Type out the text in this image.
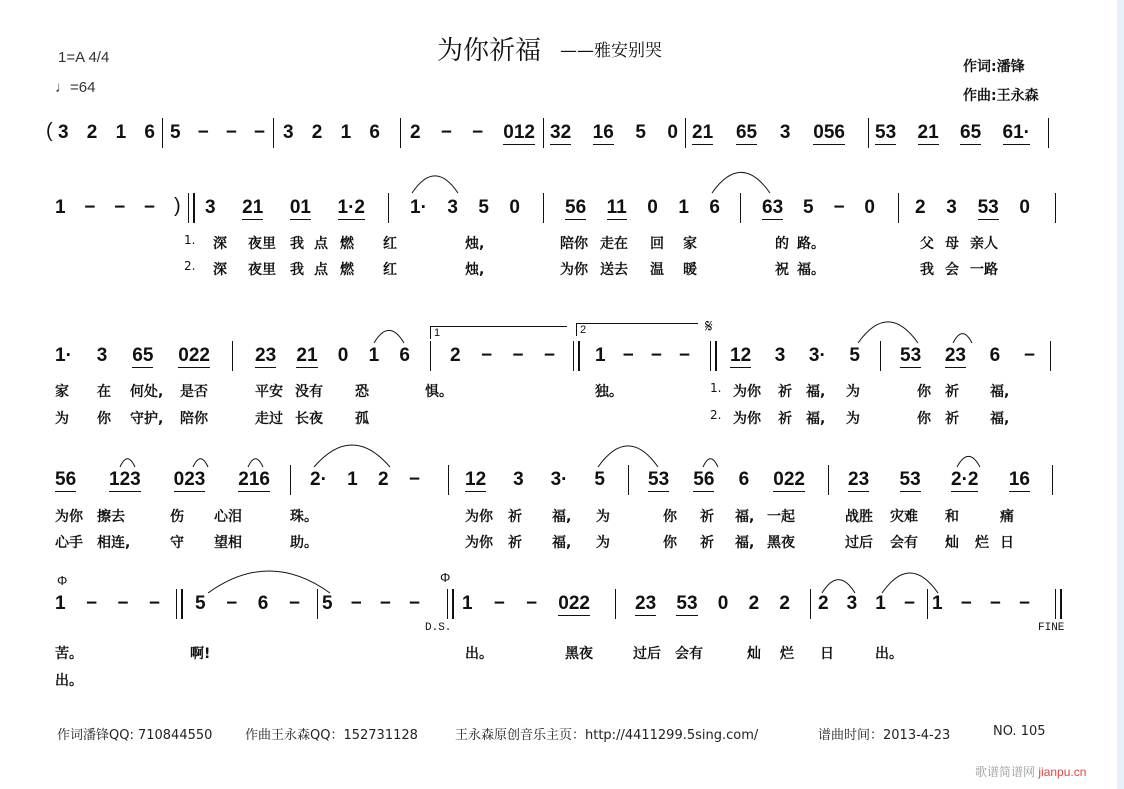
为你祈福 ——雅安别哭
1=A 4/4
♩=64
作词:潘锋
作曲:王永森
3 2 1 6 5 − − − 3 2 1 6 2 − − 012 32 16 5 0 21 65 3 056 53 21 65 61·
(
1 − − −	3 21 01 1·2 1· 3 5 0 56 11 0 1 6 63 5 − 0 2 3 53 0
)
1. 深 夜里 我 点 燃 红	烛,	陪你 走在 回 家	的 路。	父 母 亲人
2. 深 夜里 我 点 燃 红	烛,	为你 送去 温 暖	祝 福。	我 会 一路
1· 3 65 022 23 21 0 1 6 2 − − − 1 − − − 12 3 3· 5 53 23 6 −
1	2	𝄋
家 在 何处, 是否	平安 没有 恐	惧。	独。	1. 为你 祈 福, 为	你 祈 福,
为 你 守护, 陪你	走过 长夜 孤	2. 为你 祈 福, 为	你 祈 福,
56 123 023 216 2· 1 2 − 12 3 3· 5 53 56 6 022 23 53 2·2 16
为你 擦去	伤 心泪	珠。	为你 祈 福, 为	你 祈 福, 一起	战胜 灾难 和	痛
心手 相连,	守 望相	助。	为你 祈 福, 为	你 祈 福, 黑夜	过后 会有 灿 烂 日
1 − − − 5 − 6 − 5 − − − 1 − − 022 23 53 0 2 2 2 3 1 − 1 − − −
Φ	Φ
D.S.	FINE
苦。	啊!	出。	黑夜	过后 会有	灿 烂 日	出。
出。
作词潘锋QQ: 710844550	作曲王永森QQ：152731128	王永森原创音乐主页：http://4411299.5sing.com/	谱曲时间：2013-4-23	NO. 105
歌谱简谱网 jianpu.cn
